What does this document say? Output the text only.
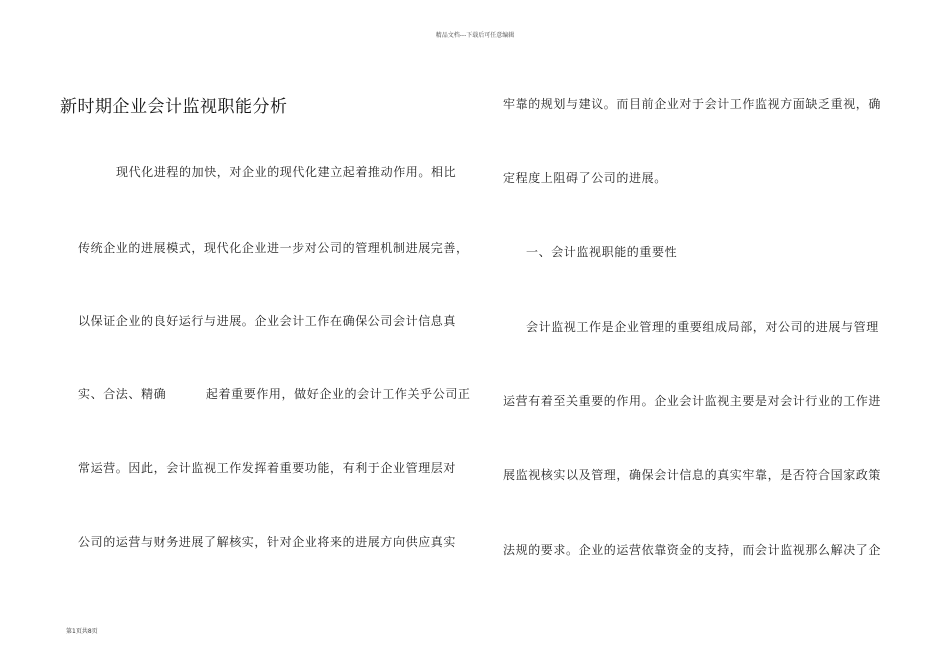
精品文档---下载后可任意编辑
新时期企业会计监视职能分析
现代化进程的加快，对企业的现代化建立起着推动作用。相比
传统企业的进展模式，现代化企业进一步对公司的管理机制进展完善，
以保证企业的良好运行与进展。企业会计工作在确保公司会计信息真
实、合法、精确         起着重要作用，做好企业的会计工作关乎公司正
常运营。因此，会计监视工作发挥着重要功能，有利于企业管理层对
公司的运营与财务进展了解核实，针对企业将来的进展方向供应真实
牢靠的规划与建议。而目前企业对于会计工作监视方面缺乏重视，确
定程度上阻碍了公司的进展。
一、会计监视职能的重要性
会计监视工作是企业管理的重要组成局部，对公司的进展与管理
运营有着至关重要的作用。企业会计监视主要是对会计行业的工作进
展监视核实以及管理，确保会计信息的真实牢靠，是否符合国家政策
法规的要求。企业的运营依靠资金的支持，而会计监视那么解决了企
第1页共8页
